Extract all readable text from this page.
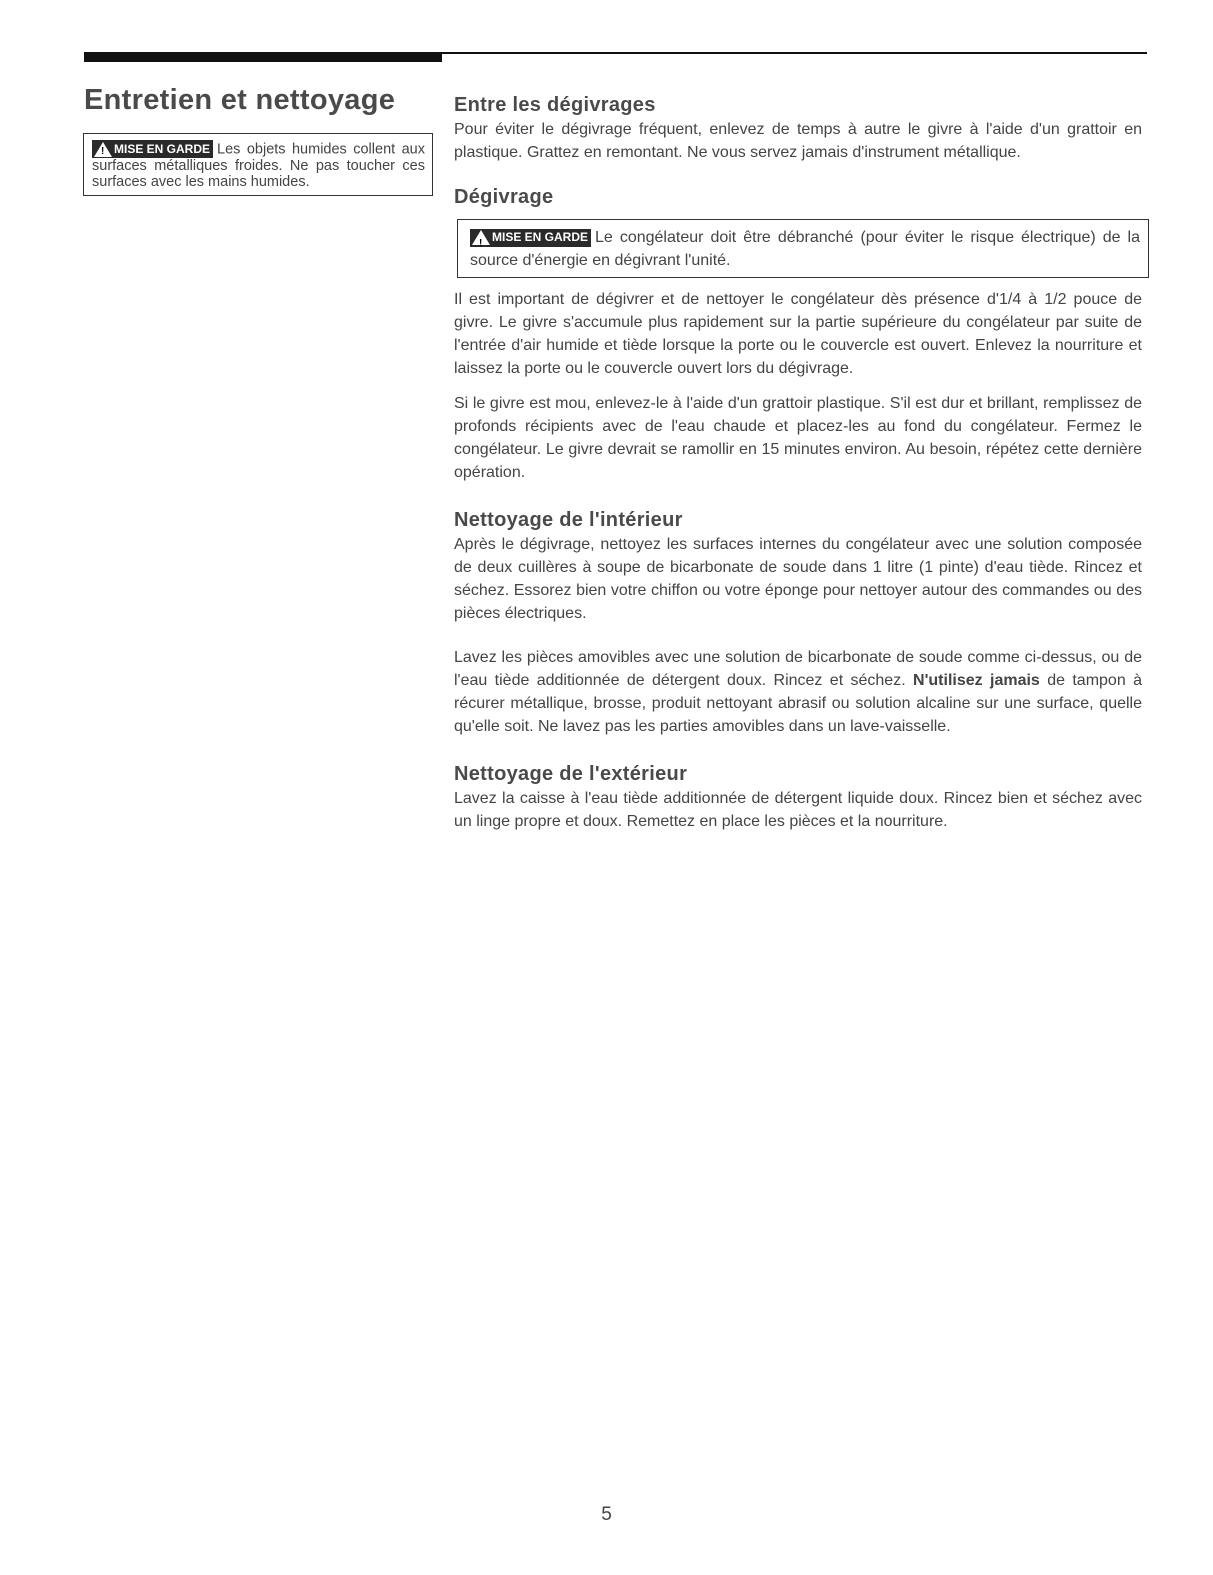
Entretien et nettoyage
!
MISE EN GARDE Les objets humides collent aux surfaces métalliques froides. Ne pas toucher ces surfaces avec les mains humides.
Entre les dégivrages

Pour éviter le dégivrage fréquent, enlevez de temps à autre le givre à l'aide d'un grattoir en plastique. Grattez en remontant. Ne vous servez jamais d'instrument métallique.

Dégivrage
!
MISE EN GARDE Le congélateur doit être débranché (pour éviter le risque électrique) de la source d'énergie en dégivrant l'unité.

Il est important de dégivrer et de nettoyer le congélateur dès présence d'1/4 à 1/2 pouce de givre. Le givre s'accumule plus rapidement sur la partie supérieure du congélateur par suite de l'entrée d'air humide et tiède lorsque la porte ou le couvercle est ouvert. Enlevez la nourriture et laissez la porte ou le couvercle ouvert lors du dégivrage.

Si le givre est mou, enlevez-le à l'aide d'un grattoir plastique. S'il est dur et brillant, remplissez de profonds récipients avec de l'eau chaude et placez-les au fond du congélateur. Fermez le congélateur. Le givre devrait se ramollir en 15 minutes environ. Au besoin, répétez cette dernière opération.

Nettoyage de l'intérieur

Après le dégivrage, nettoyez les surfaces internes du congélateur avec une solution composée de deux cuillères à soupe de bicarbonate de soude dans 1 litre (1 pinte) d'eau tiède. Rincez et séchez. Essorez bien votre chiffon ou votre éponge pour nettoyer autour des commandes ou des pièces électriques.

Lavez les pièces amovibles avec une solution de bicarbonate de soude comme ci-dessus, ou de l'eau tiède additionnée de détergent doux. Rincez et séchez. N'utilisez jamais de tampon à récurer métallique, brosse, produit nettoyant abrasif ou solution alcaline sur une surface, quelle qu'elle soit. Ne lavez pas les parties amovibles dans un lave-vaisselle.

Nettoyage de l'extérieur

Lavez la caisse à l'eau tiède additionnée de détergent liquide doux. Rincez bien et séchez avec un linge propre et doux. Remettez en place les pièces et la nourriture.

5
